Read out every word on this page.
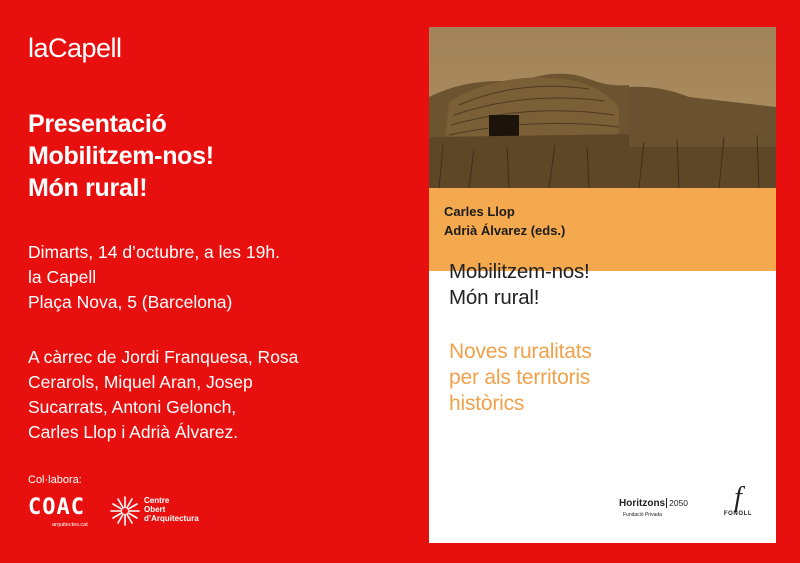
laCapell
Presentació
Mobilitzem-nos!
Món rural!
Dimarts, 14 d’octubre, a les 19h.
la Capell
Plaça Nova, 5 (Barcelona)
A càrrec de Jordi Franquesa, Rosa
Cerarols, Miquel Aran, Josep
Sucarrats, Antoni Gelonch,
Carles Llop i Adrià Álvarez.
Col·labora:
COAC
arquitectes.cat
Centre
Obert
d’Arquitectura
Carles Llop
Adrià Álvarez (eds.)
Mobilitzem-nos!
Món rural!
Noves ruralitats
per als territoris
històrics
Horitzons 2050
Fundació Privada
f
FONOLL
